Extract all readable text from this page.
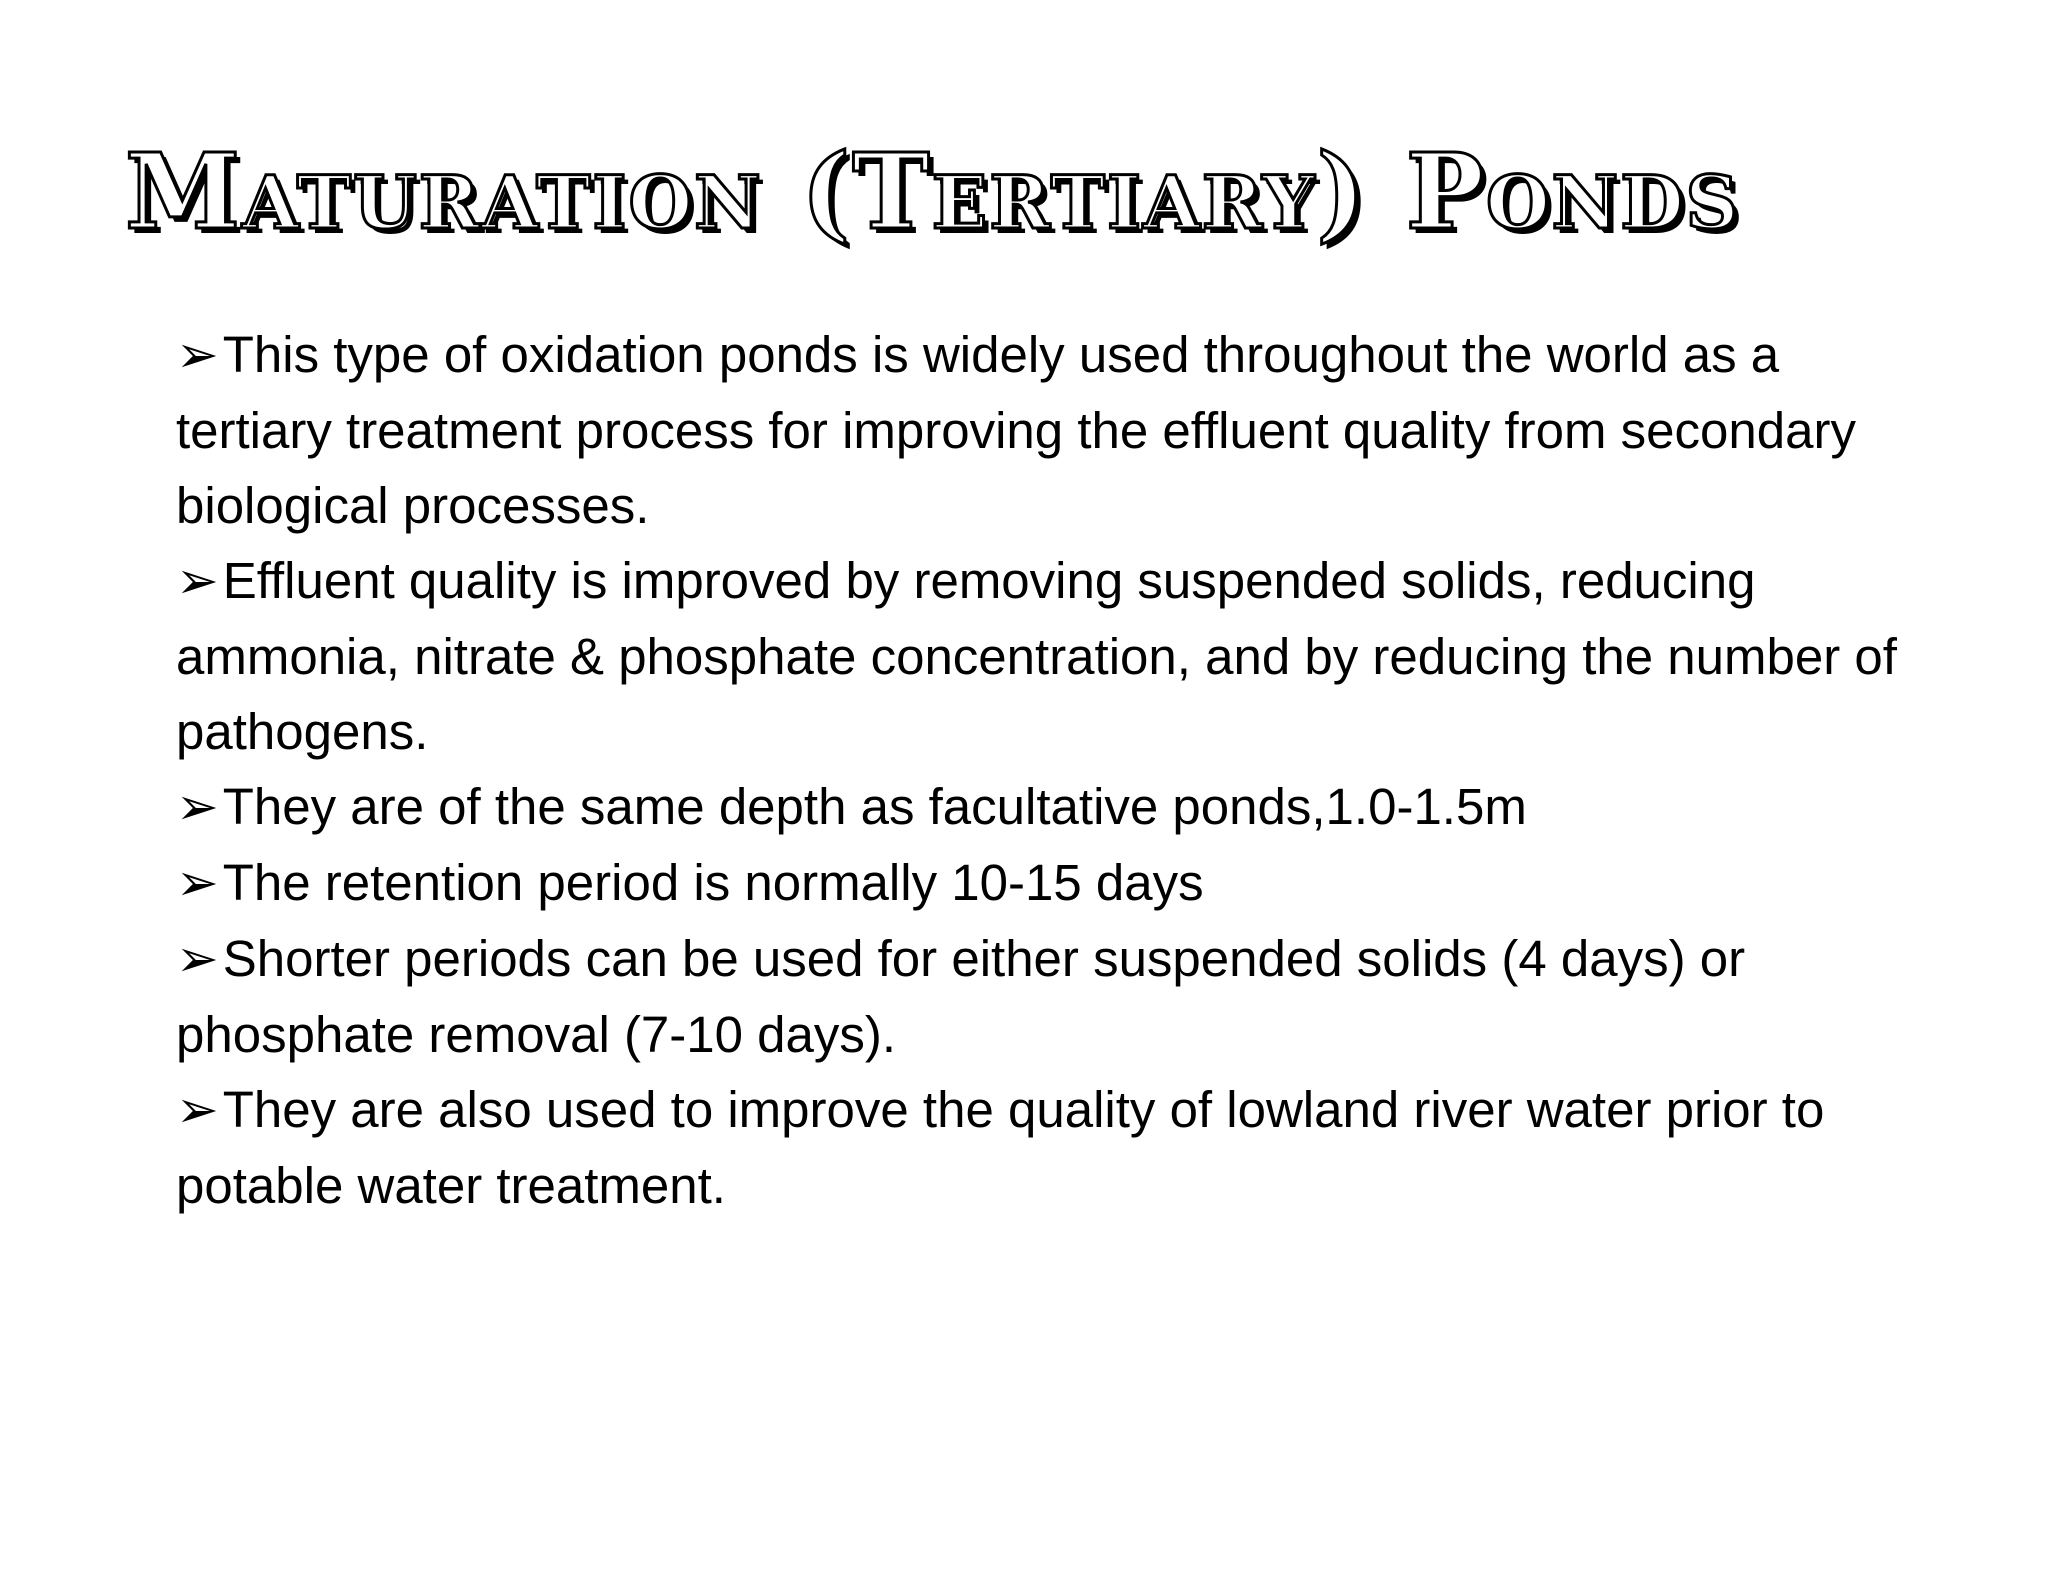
Maturation (Tertiary) Ponds

➢This type of oxidation ponds is widely used throughout the world as a tertiary treatment process for improving the effluent quality from secondary biological processes.

➢Effluent quality is improved by removing suspended solids, reducing ammonia, nitrate & phosphate concentration, and by reducing the number of pathogens.

➢They are of the same depth as facultative ponds,1.0-1.5m

➢The retention period is normally 10-15 days

➢Shorter periods can be used for either suspended solids (4 days) or phosphate removal (7-10 days).

➢They are also used to improve the quality of lowland river water prior to potable water treatment.
